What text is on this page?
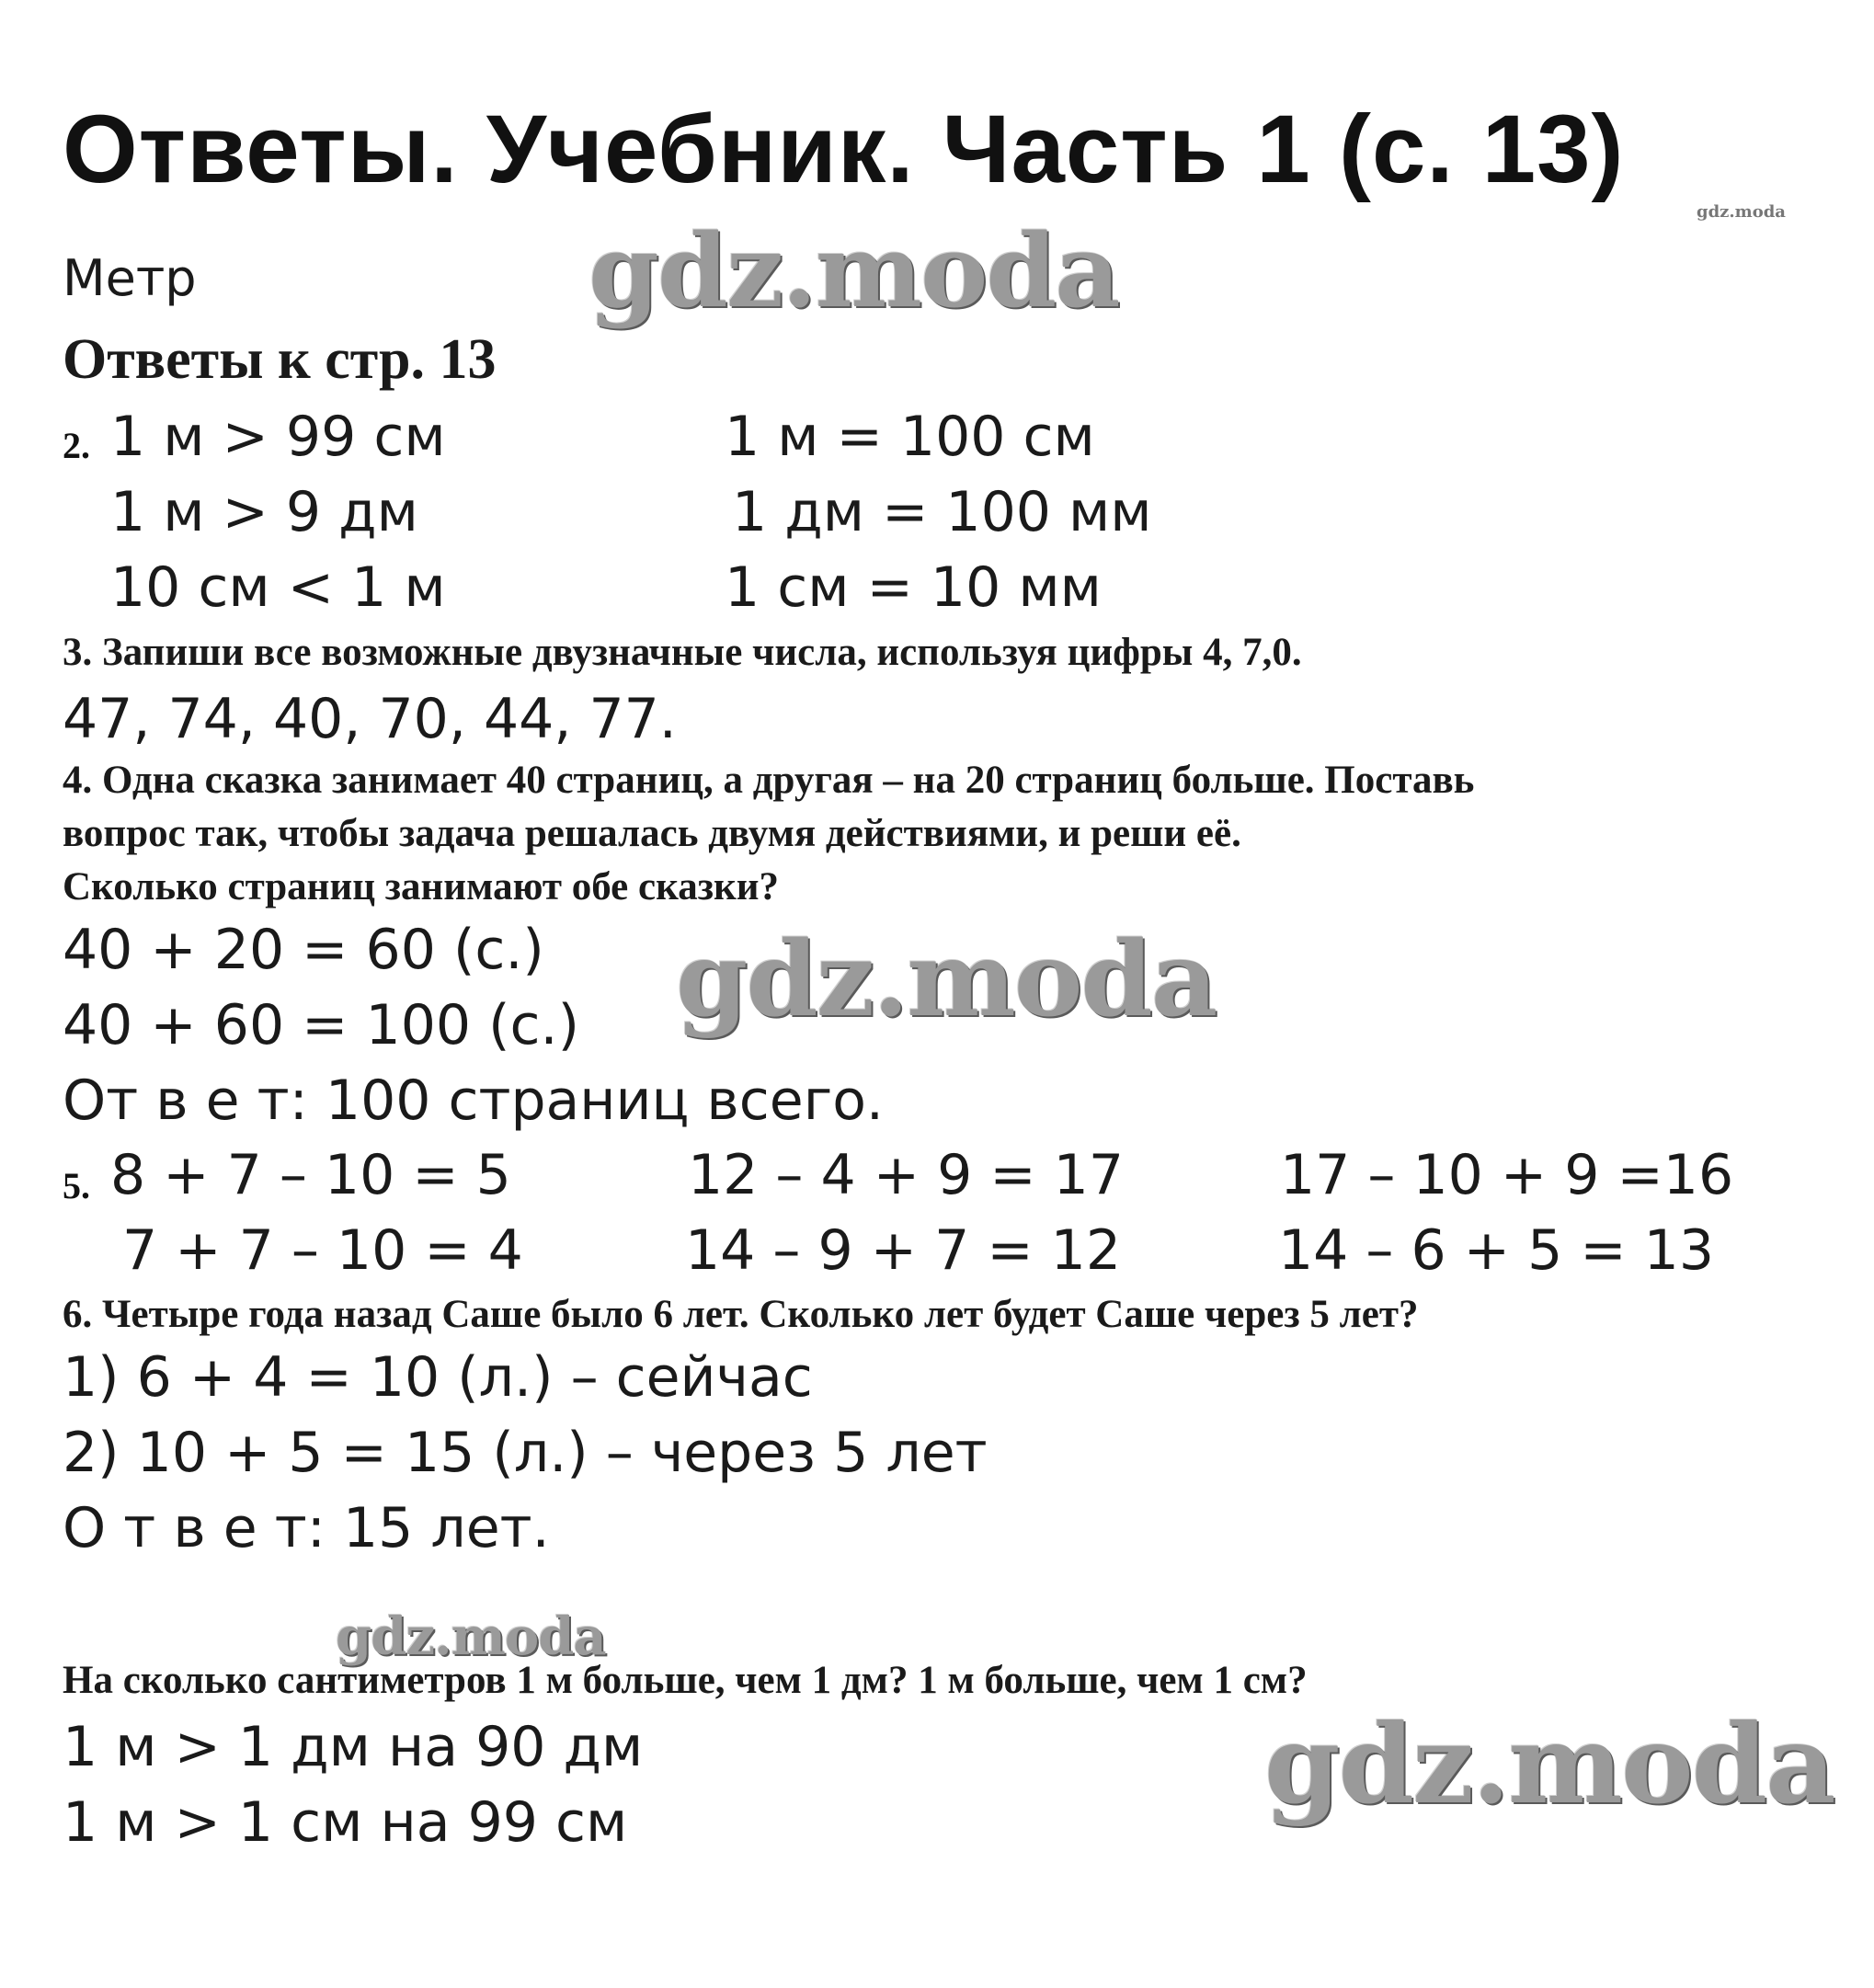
Ответы. Учебник. Часть 1 (с. 13)
gdz.moda
Метр	gdz.moda
Ответы к стр. 13
2. 1 м > 99 см
1 м > 9 дм
10 см < 1 м
1 м = 100 см
1 дм = 100 мм
1 см = 10 мм
3. Запиши все возможные двузначные числа, используя цифры 4, 7,0.
47, 74, 40, 70, 44, 77.
4. Одна сказка занимает 40 страниц, а другая – на 20 страниц больше. Поставь
вопрос так, чтобы задача решалась двумя действиями, и реши её.
Сколько страниц занимают обе сказки?
40 + 20 = 60 (с.)
40 + 60 = 100 (с.) gdz.moda
От в е т: 100 страниц всего.
5. 8 + 7 – 10 = 5
7 + 7 – 10 = 4
12 – 4 + 9 = 17
14 – 9 + 7 = 12
17 – 10 + 9 =16
14 – 6 + 5 = 13
6. Четыре года назад Саше было 6 лет. Сколько лет будет Саше через 5 лет?
1) 6 + 4 = 10 (л.) – сейчас
2) 10 + 5 = 15 (л.) – через 5 лет
О т в е т: 15 лет.
gdz.moda
На сколько сантиметров 1 м больше, чем 1 дм? 1 м больше, чем 1 см?
1 м > 1 дм на 90 дм
1 м > 1 см на 99 см	gdz.moda
